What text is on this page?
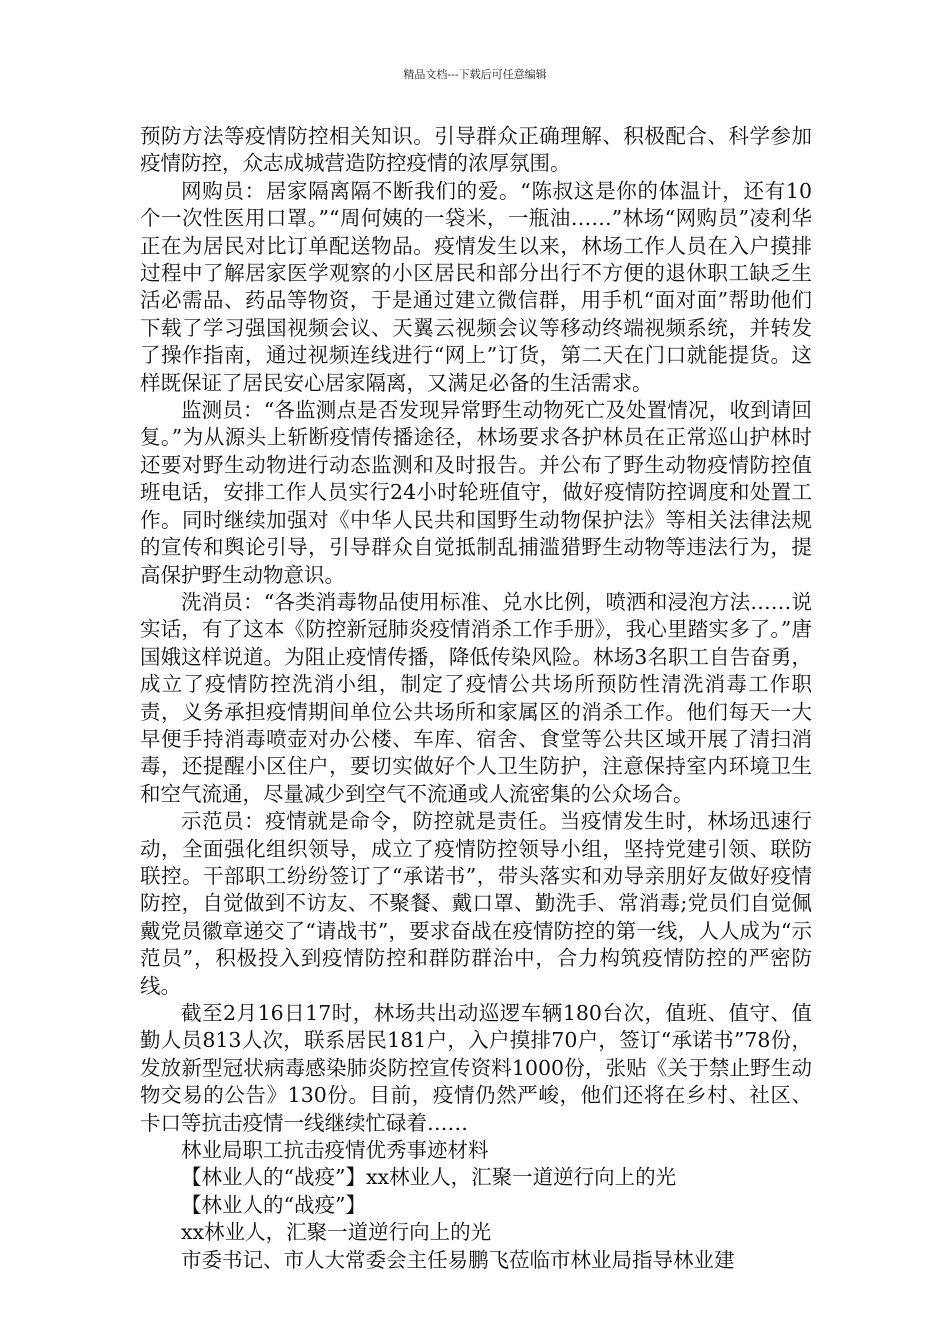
精品文档---下载后可任意编辑

预防方法等疫情防控相关知识。引导群众正确理解、积极配合、科学参加疫情防控，众志成城营造防控疫情的浓厚氛围。

网购员：居家隔离隔不断我们的爱。“陈叔这是你的体温计，还有10个一次性医用口罩。”“周何姨的一袋米，一瓶油……”林场“网购员”凌利华正在为居民对比订单配送物品。疫情发生以来，林场工作人员在入户摸排过程中了解居家医学观察的小区居民和部分出行不方便的退休职工缺乏生活必需品、药品等物资，于是通过建立微信群，用手机“面对面”帮助他们下载了学习强国视频会议、天翼云视频会议等移动终端视频系统，并转发了操作指南，通过视频连线进行“网上”订货，第二天在门口就能提货。这样既保证了居民安心居家隔离，又满足必备的生活需求。

监测员：“各监测点是否发现异常野生动物死亡及处置情况，收到请回复。”为从源头上斩断疫情传播途径，林场要求各护林员在正常巡山护林时还要对野生动物进行动态监测和及时报告。并公布了野生动物疫情防控值班电话，安排工作人员实行24小时轮班值守，做好疫情防控调度和处置工作。同时继续加强对《中华人民共和国野生动物保护法》等相关法律法规的宣传和舆论引导，引导群众自觉抵制乱捕滥猎野生动物等违法行为，提高保护野生动物意识。

洗消员：“各类消毒物品使用标准、兑水比例，喷洒和浸泡方法……说实话，有了这本《防控新冠肺炎疫情消杀工作手册》，我心里踏实多了。”唐国娥这样说道。为阻止疫情传播，降低传染风险。林场3名职工自告奋勇，成立了疫情防控洗消小组，制定了疫情公共场所预防性清洗消毒工作职责，义务承担疫情期间单位公共场所和家属区的消杀工作。他们每天一大早便手持消毒喷壶对办公楼、车库、宿舍、食堂等公共区域开展了清扫消毒，还提醒小区住户，要切实做好个人卫生防护，注意保持室内环境卫生和空气流通，尽量减少到空气不流通或人流密集的公众场合。

示范员：疫情就是命令，防控就是责任。当疫情发生时，林场迅速行动，全面强化组织领导，成立了疫情防控领导小组，坚持党建引领、联防联控。干部职工纷纷签订了“承诺书”，带头落实和劝导亲朋好友做好疫情防控，自觉做到不访友、不聚餐、戴口罩、勤洗手、常消毒;党员们自觉佩戴党员徽章递交了“请战书”，要求奋战在疫情防控的第一线，人人成为“示范员”，积极投入到疫情防控和群防群治中，合力构筑疫情防控的严密防线。

截至2月16日17时，林场共出动巡逻车辆180台次，值班、值守、值勤人员813人次，联系居民181户，入户摸排70户，签订“承诺书”78份，发放新型冠状病毒感染肺炎防控宣传资料1000份，张贴《关于禁止野生动物交易的公告》130份。目前，疫情仍然严峻，他们还将在乡村、社区、卡口等抗击疫情一线继续忙碌着……

林业局职工抗击疫情优秀事迹材料

【林业人的“战疫”】xx林业人，汇聚一道逆行向上的光

【林业人的“战疫”】

xx林业人，汇聚一道逆行向上的光

市委书记、市人大常委会主任易鹏飞莅临市林业局指导林业建
